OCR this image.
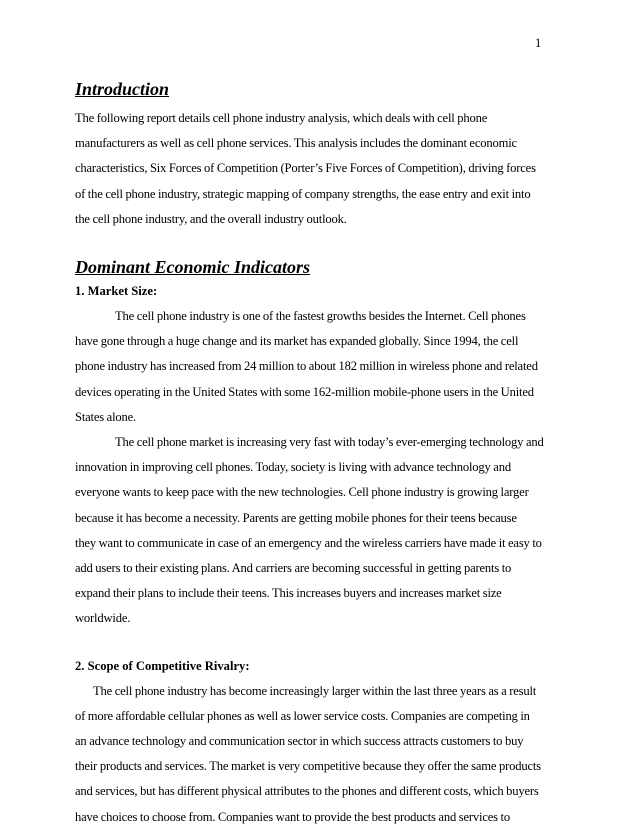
1
Introduction
The following report details cell phone industry analysis, which deals with cell phone
manufacturers as well as cell phone services. This analysis includes the dominant economic
characteristics, Six Forces of Competition (Porter’s Five Forces of Competition), driving forces
of the cell phone industry, strategic mapping of company strengths, the ease entry and exit into
the cell phone industry, and the overall industry outlook.
Dominant Economic Indicators
1. Market Size:
The cell phone industry is one of the fastest growths besides the Internet. Cell phones
have gone through a huge change and its market has expanded globally. Since 1994, the cell
phone industry has increased from 24 million to about 182 million in wireless phone and related
devices operating in the United States with some 162-million mobile-phone users in the United
States alone.
The cell phone market is increasing very fast with today’s ever-emerging technology and
innovation in improving cell phones. Today, society is living with advance technology and
everyone wants to keep pace with the new technologies. Cell phone industry is growing larger
because it has become a necessity. Parents are getting mobile phones for their teens because
they want to communicate in case of an emergency and the wireless carriers have made it easy to
add users to their existing plans. And carriers are becoming successful in getting parents to
expand their plans to include their teens. This increases buyers and increases market size
worldwide.
2. Scope of Competitive Rivalry:
The cell phone industry has become increasingly larger within the last three years as a result
of more affordable cellular phones as well as lower service costs. Companies are competing in
an advance technology and communication sector in which success attracts customers to buy
their products and services. The market is very competitive because they offer the same products
and services, but has different physical attributes to the phones and different costs, which buyers
have choices to choose from. Companies want to provide the best products and services to
